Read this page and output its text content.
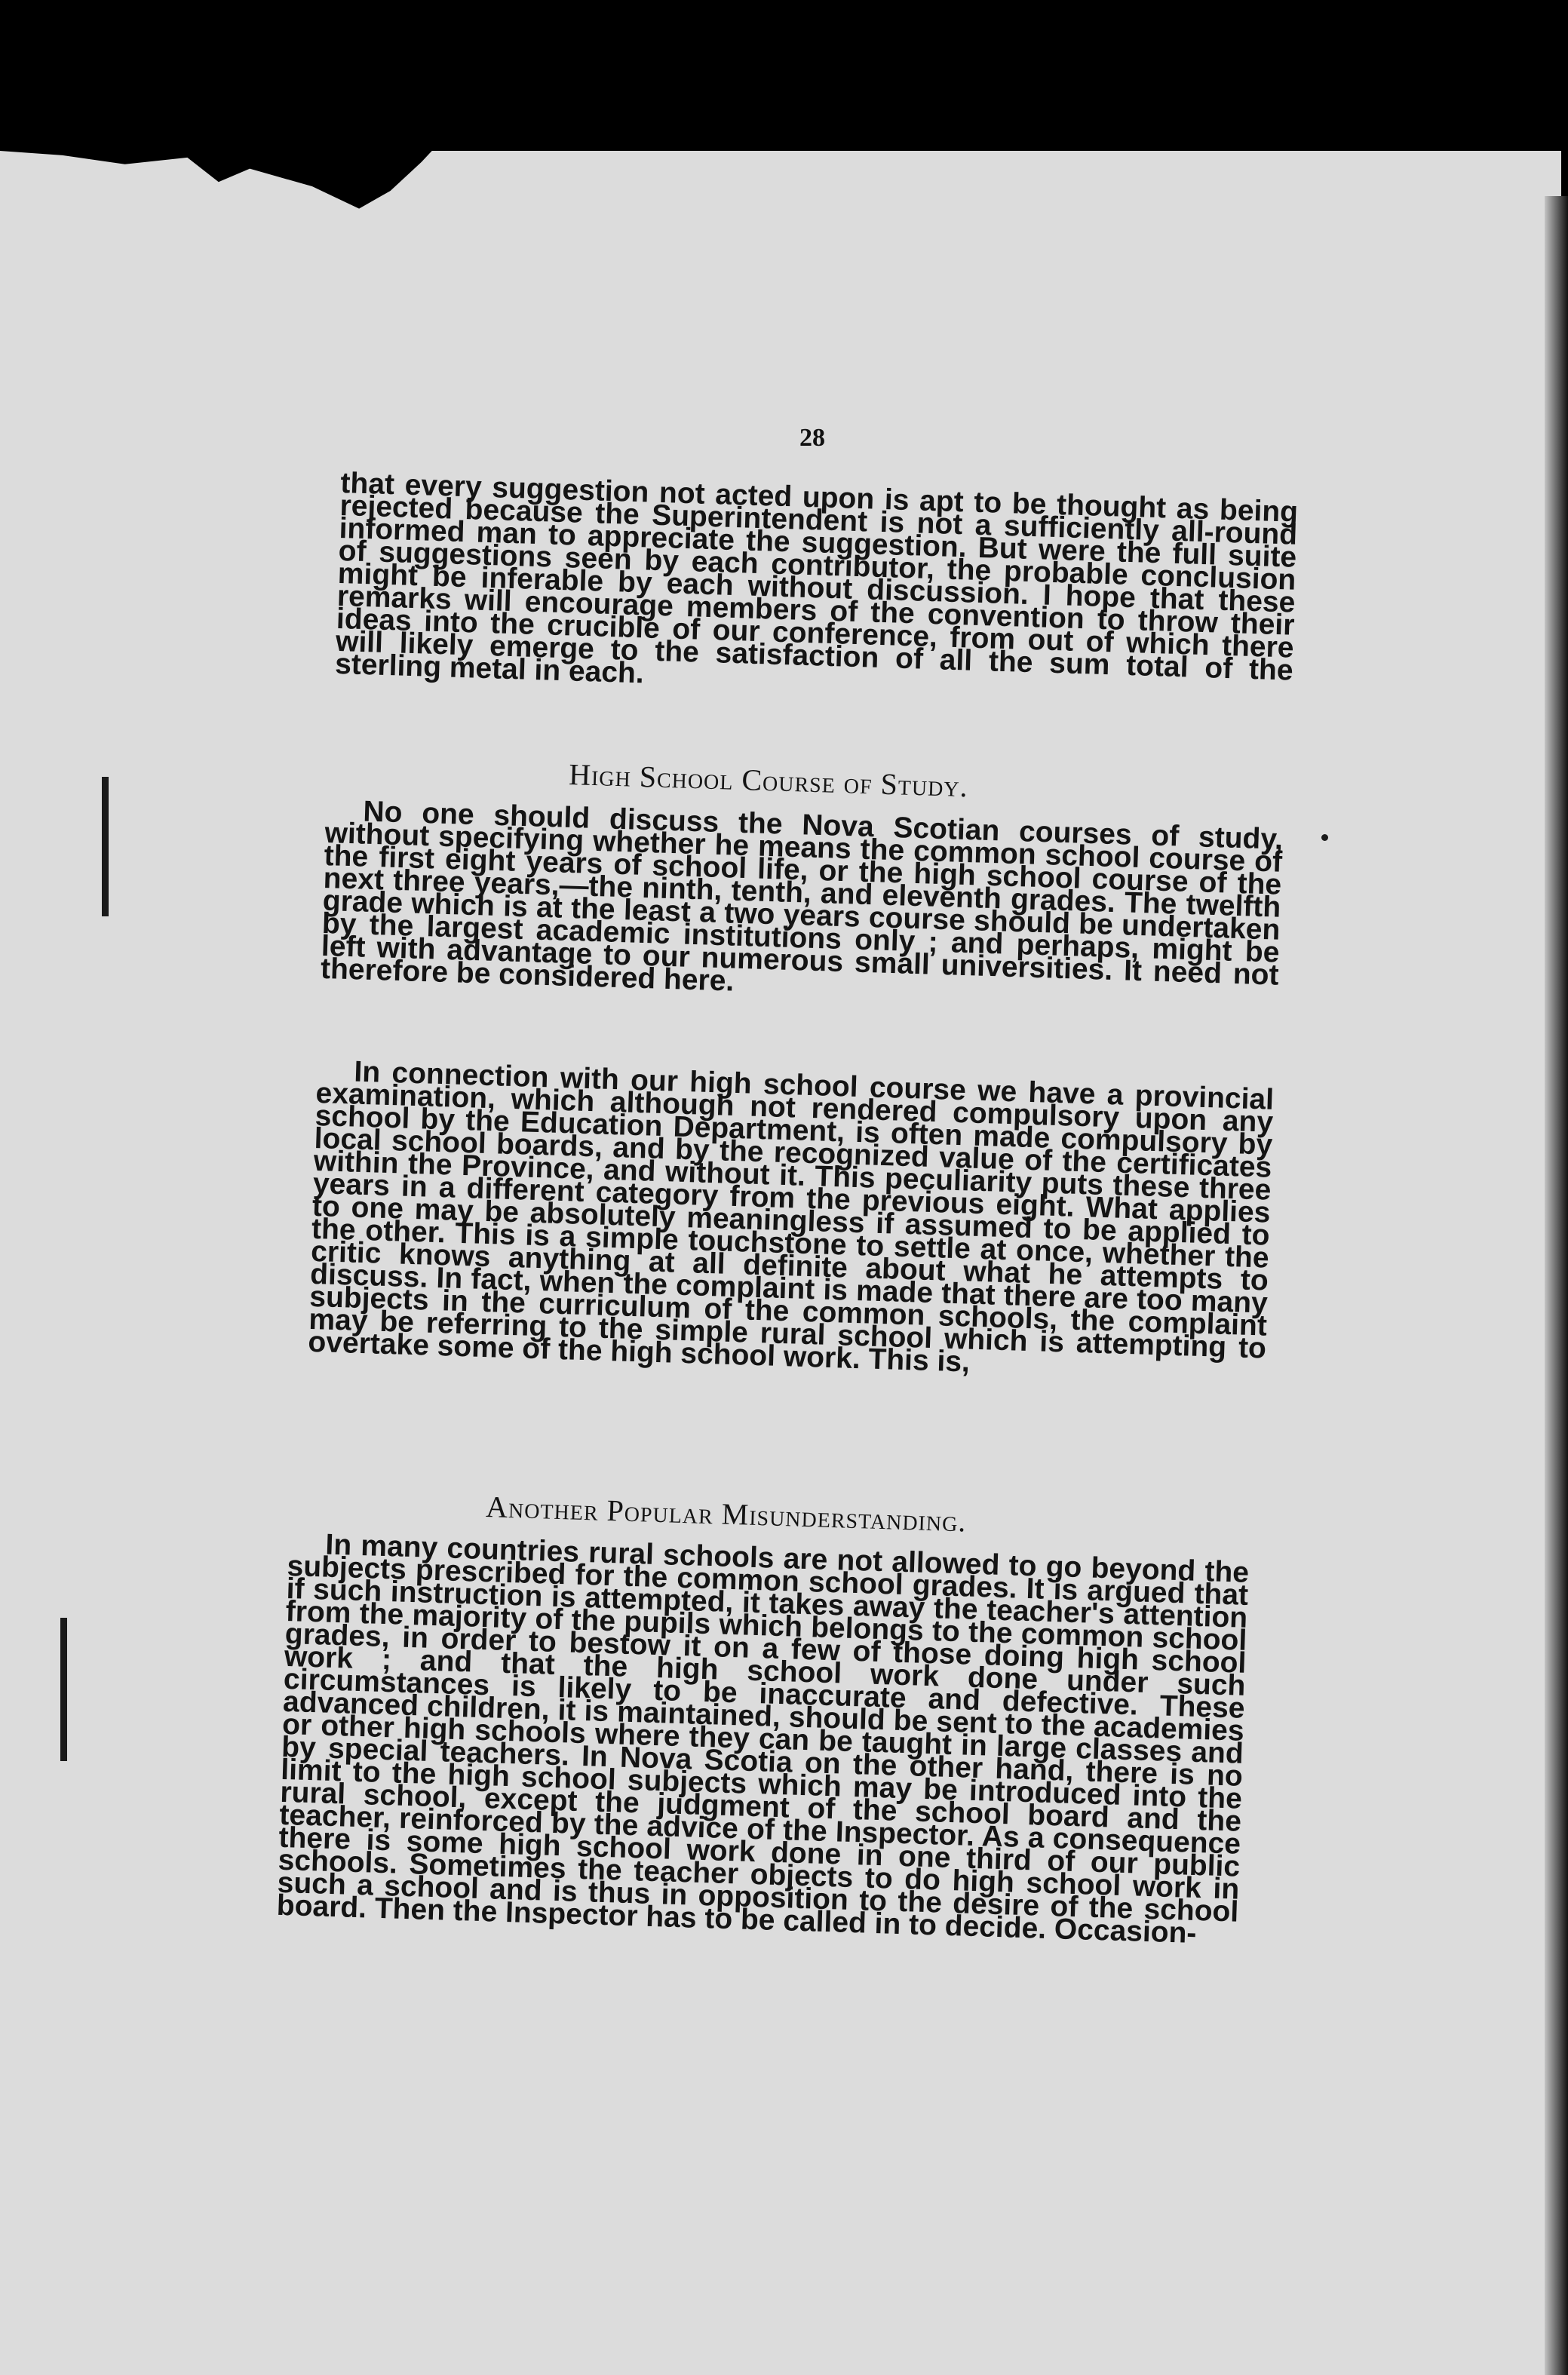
28

that every suggestion not acted upon is apt to be thought as being rejected because the Superintendent is not a sufficiently all-round informed man to appreciate the suggestion. But were the full suite of suggestions seen by each contributor, the probable conclusion might be inferable by each without discussion. I hope that these remarks will encourage members of the convention to throw their ideas into the crucible of our conference, from out of which there will likely emerge to the satisfaction of all the sum total of the sterling metal in each.

High School Course of Study.

No one should discuss the Nova Scotian courses of study, without specifying whether he means the common school course of the first eight years of school life, or the high school course of the next three years,—the ninth, tenth, and eleventh grades. The twelfth grade which is at the least a two years course should be undertaken by the largest academic institutions only ; and perhaps, might be left with advantage to our numerous small universities. It need not therefore be considered here.

In connection with our high school course we have a provincial examination, which although not rendered compulsory upon any school by the Education Department, is often made compulsory by local school boards, and by the recognized value of the certificates within the Province, and without it. This peculiarity puts these three years in a different category from the previous eight. What applies to one may be absolutely meaningless if assumed to be applied to the other. This is a simple touchstone to settle at once, whether the critic knows anything at all definite about what he attempts to discuss. In fact, when the complaint is made that there are too many subjects in the curriculum of the common schools, the complaint may be referring to the simple rural school which is attempting to overtake some of the high school work. This is,

Another Popular Misunderstanding.

In many countries rural schools are not allowed to go beyond the subjects prescribed for the common school grades. It is argued that if such instruction is attempted, it takes away the teacher's attention from the majority of the pupils which belongs to the common school grades, in order to bestow it on a few of those doing high school work ; and that the high school work done under such circumstances is likely to be inaccurate and defective. These advanced children, it is maintained, should be sent to the academies or other high schools where they can be taught in large classes and by special teachers. In Nova Scotia on the other hand, there is no limit to the high school subjects which may be introduced into the rural school, except the judgment of the school board and the teacher, reinforced by the advice of the Inspector. As a consequence there is some high school work done in one third of our public schools. Sometimes the teacher objects to do high school work in such a school and is thus in opposition to the desire of the school board. Then the Inspector has to be called in to decide. Occasion-
